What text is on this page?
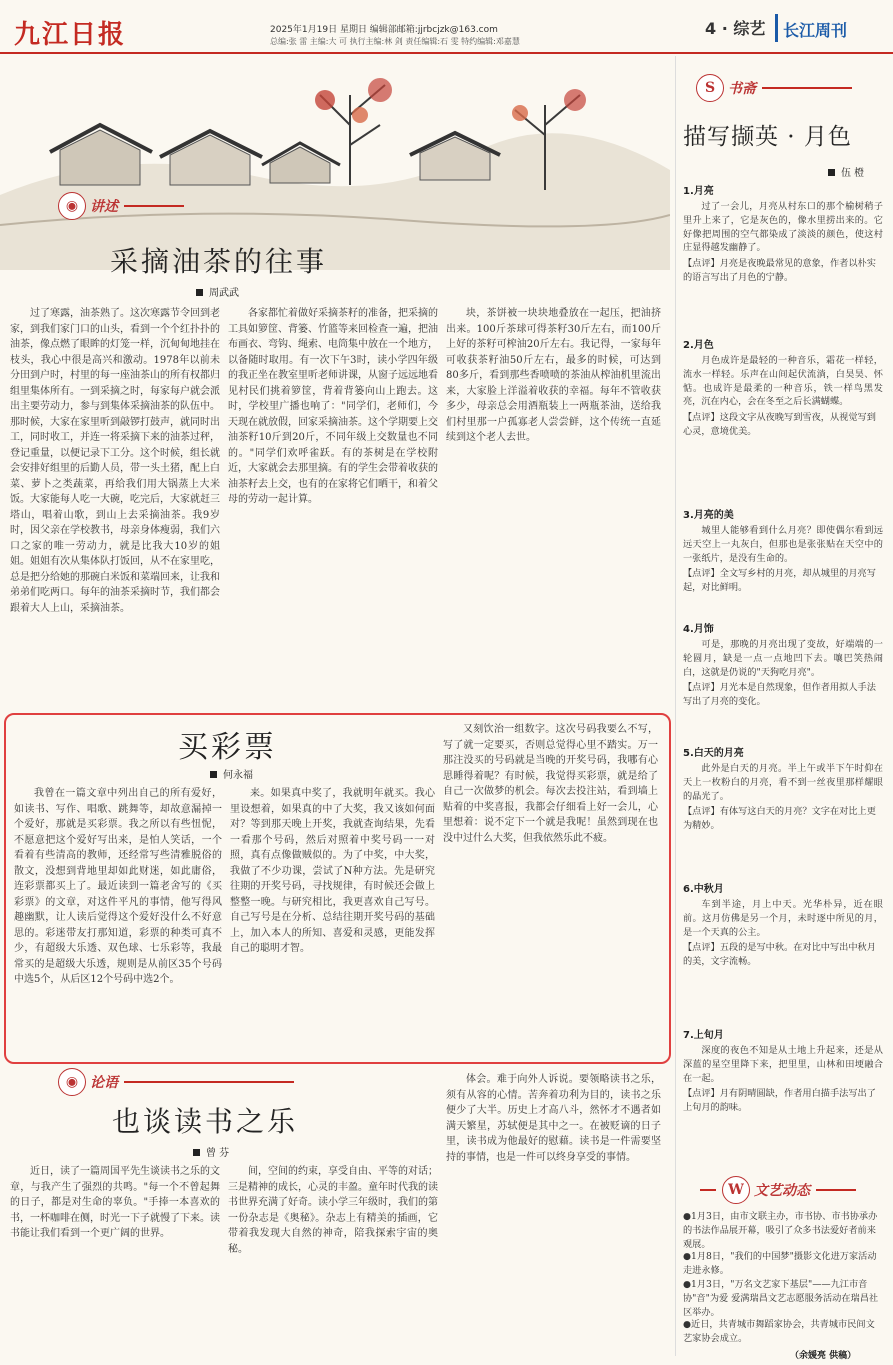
九江日报	2025年1月19日 星期日 编辑部邮箱:jjrbcjzk@163.com
总编:张 雷 主编:大 可 执行主编:林 剑 责任编辑:石 雯 特约编辑:邓嘉慧
4 · 综艺 长江周刊
◉ 讲述
采摘油茶的往事
周武武
过了寒露，油茶熟了。这次寒露节令回到老家，到我们家门口的山头，看到一个个红扑扑的油茶，像点燃了眼眸的灯笼一样，沉甸甸地挂在枝头，我心中很是高兴和激动。1978年以前未分田到户时，村里的每一座油茶山的所有权都归组里集体所有。一到采摘之时，每家每户就会派出主要劳动力，参与到集体采摘油茶的队伍中。那时候，大家在家里听到敲锣打鼓声，就同时出工，同时收工，并连一将采摘下来的油茶过秤，登记重量，以便记录下工分。这个时候，组长就会安排好组里的后勤人员，带一头土猪，配上白菜、萝卜之类蔬菜，再给我们用大锅蒸上大米饭。大家能每人吃一大碗，吃完后，大家就赶三塔山，唱着山歌，到山上去采摘油茶。我9岁时，因父亲在学校教书，母亲身体瘦弱，我们六口之家的唯一劳动力，就是比我大10岁的姐姐。姐姐有次从集体队打饭回，从不在家里吃，总是把分给她的那碗白米饭和菜端回来，让我和弟弟们吃两口。每年的油茶采摘时节，我们都会跟着大人上山，采摘油茶。
各家都忙着做好采摘茶籽的准备，把采摘的工具如箩筐、背篓、竹篮等来回检查一遍，把油布画衣、弯钩、绳索、电筒集中放在一个地方，以备随时取用。有一次下午3时，读小学四年级的我正坐在教室里听老师讲课，从窗子远远地看见村民们挑着箩筐，背着背篓向山上跑去。这时，学校里广播也响了："同学们，老师们，今天现在就放假，回家采摘油茶。这个学期要上交油茶籽10斤到20斤，不同年级上交数量也不同的。"同学们欢呼雀跃。有的茶树是在学校附近，大家就会去那里摘。有的学生会带着收获的油茶籽去上交，也有的在家将它们晒干，和着父母的劳动一起计算。
块，茶饼被一块块地叠放在一起压，把油挤出来。100斤茶球可得茶籽30斤左右，而100斤上好的茶籽可榨油20斤左右。我记得，一家每年可收获茶籽油50斤左右，最多的时候，可达到80多斤，看到那些香喷喷的茶油从榨油机里流出来，大家脸上洋溢着收获的幸福。每年不管收获多少，母亲总会用酒瓶装上一两瓶茶油，送给我们村里那一户孤寡老人尝尝鲜，这个传统一直延续到这个老人去世。
买彩票
何永福
我曾在一篇文章中列出自己的所有爱好，如读书、写作、唱歌、跳舞等，却故意漏掉一个爱好，那就是买彩票。我之所以有些忸怩，不愿意把这个爱好写出来，是怕人笑话，一个看着有些清高的教师，还经常写些清雅脱俗的散文，没想到背地里却如此财迷，如此庸俗，连彩票都买上了。最近读到一篇老舍写的《买彩票》的文章，对这件平凡的事情，他写得风趣幽默，让人读后觉得这个爱好没什么不好意思的。彩迷带友打那知道，彩票的种类可真不少，有超级大乐透、双色球、七乐彩等，我最常买的是超级大乐透，规则是从前区35个号码中选5个，从后区12个号码中选2个。
来。如果真中奖了，我就明年就买。我心里设想着，如果真的中了大奖，我又该如何面对？等到那天晚上开奖，我就查询结果，先看一看那个号码，然后对照着中奖号码一一对照，真有点像做贼似的。为了中奖，中大奖，我做了不少功课，尝试了N种方法。先是研究往期的开奖号码，寻找规律，有时候还会做上整整一晚。与研究相比，我更喜欢自己写号。自己写号是在分析、总结往期开奖号码的基础上，加入本人的所知、喜爱和灵感，更能发挥自己的聪明才智。
又刻饮治一组数字。这次号码我要么不写，写了就一定要买，否则总觉得心里不踏实。万一那注没买的号码就是当晚的开奖号码，我哪有心思睡得着呢？有时候，我觉得买彩票，就是给了自己一次做梦的机会。每次去投注站，看到墙上贴着的中奖喜报，我都会仔细看上好一会儿，心里想着：说不定下一个就是我呢！虽然到现在也没中过什么大奖，但我依然乐此不疲。
◉ 论语
也谈读书之乐
曾 芬
近日，读了一篇周国平先生谈读书之乐的文章，与我产生了强烈的共鸣。"每一个不曾起舞的日子，都是对生命的辜负。"手捧一本喜欢的书，一杯咖啡在侧，时光一下子就慢了下来。读书能让我们看到一个更广阔的世界。
间，空间的约束，享受自由、平等的对话；三是精神的成长，心灵的丰盈。童年时代我的读书世界充满了好奇。读小学三年级时，我们的第一份杂志是《奥秘》。杂志上有精美的插画，它带着我发现大自然的神奇，陪我探索宇宙的奥秘。
体会。难于向外人诉说。要领略读书之乐，须有从容的心情。苦奔着功利为目的，读书之乐便少了大半。历史上才高八斗，然怀才不遇者如满天繁星，苏轼便是其中之一。在被贬谪的日子里，读书成为他最好的慰藉。读书是一件需要坚持的事情，也是一件可以终身享受的事情。
S 书斋
描写撷英 · 月色
伍 橙
1.月亮
过了一会儿，月亮从村东口的那个榆树稍子里升上来了，它是灰色的，像水里捞出来的。它好像把周围的空气都染成了淡淡的颜色，使这村庄显得越发幽静了。
【点评】月亮是夜晚最常见的意象，作者以朴实的语言写出了月色的宁静。
2.月色
月色成许是最轻的一种音乐，霜花一样轻，流水一样轻。乐声在山间起伏流淌，白昊昊、怀惦。也成许是最柔的一种音乐，铁一样鸟黑发亮，沉在内心，会在冬至之后长满蝴蝶。
【点评】这段文字从夜晚写到雪夜，从视觉写到心灵，意境优美。
3.月亮的美
城里人能够看到什么月亮？即使偶尔看到远远天空上一丸灰白，但那也是张张贴在天空中的一张纸片，是没有生命的。
【点评】全文写乡村的月亮，却从城里的月亮写起，对比鲜明。
4.月饰
可是，那晚的月亮出现了变故，好端端的一轮圆月，缺是一点一点地凹下去。嚷巴笑热闹白，这就是仍说的"天狗吃月亮"。
【点评】月光本是自然现象，但作者用拟人手法写出了月亮的变化。
5.白天的月亮
此外是白天的月亮。半上午或半下午时仰在天上一枚粉白的月亮，看不到一丝夜里那样耀眼的晶光了。
【点评】有体写这白天的月亮？文字在对比上更为精妙。
6.中秋月
车到半途，月上中天。光华朴异，近在眼前。这月仿佛是另一个月，未时逐中所见的月，是一个天真的公主。
【点评】五段的是写中秋。在对比中写出中秋月的美，文字流畅。
7.上旬月
深度的夜色不知是从土地上升起来，还是从深蓝的星空里降下来，把里里，山林和田埂融合在一起。
【点评】月有阴晴圆缺，作者用白描手法写出了上旬月的韵味。
W 文艺动态
●1月3日，由市文联主办，市书协、市书协承办的书法作品展开幕，吸引了众多书法爱好者前来观展。
●1月8日，"我们的中国梦"摄影文化进万家活动走进永修。
●1月3日，"万名文艺家下基层"——九江市音协"音"为爱 爱满瑞昌文艺志愿服务活动在瑞昌社区举办。
●近日，共青城市舞蹈家协会，共青城市民间文艺家协会成立。
（余媛亮 供稿）
